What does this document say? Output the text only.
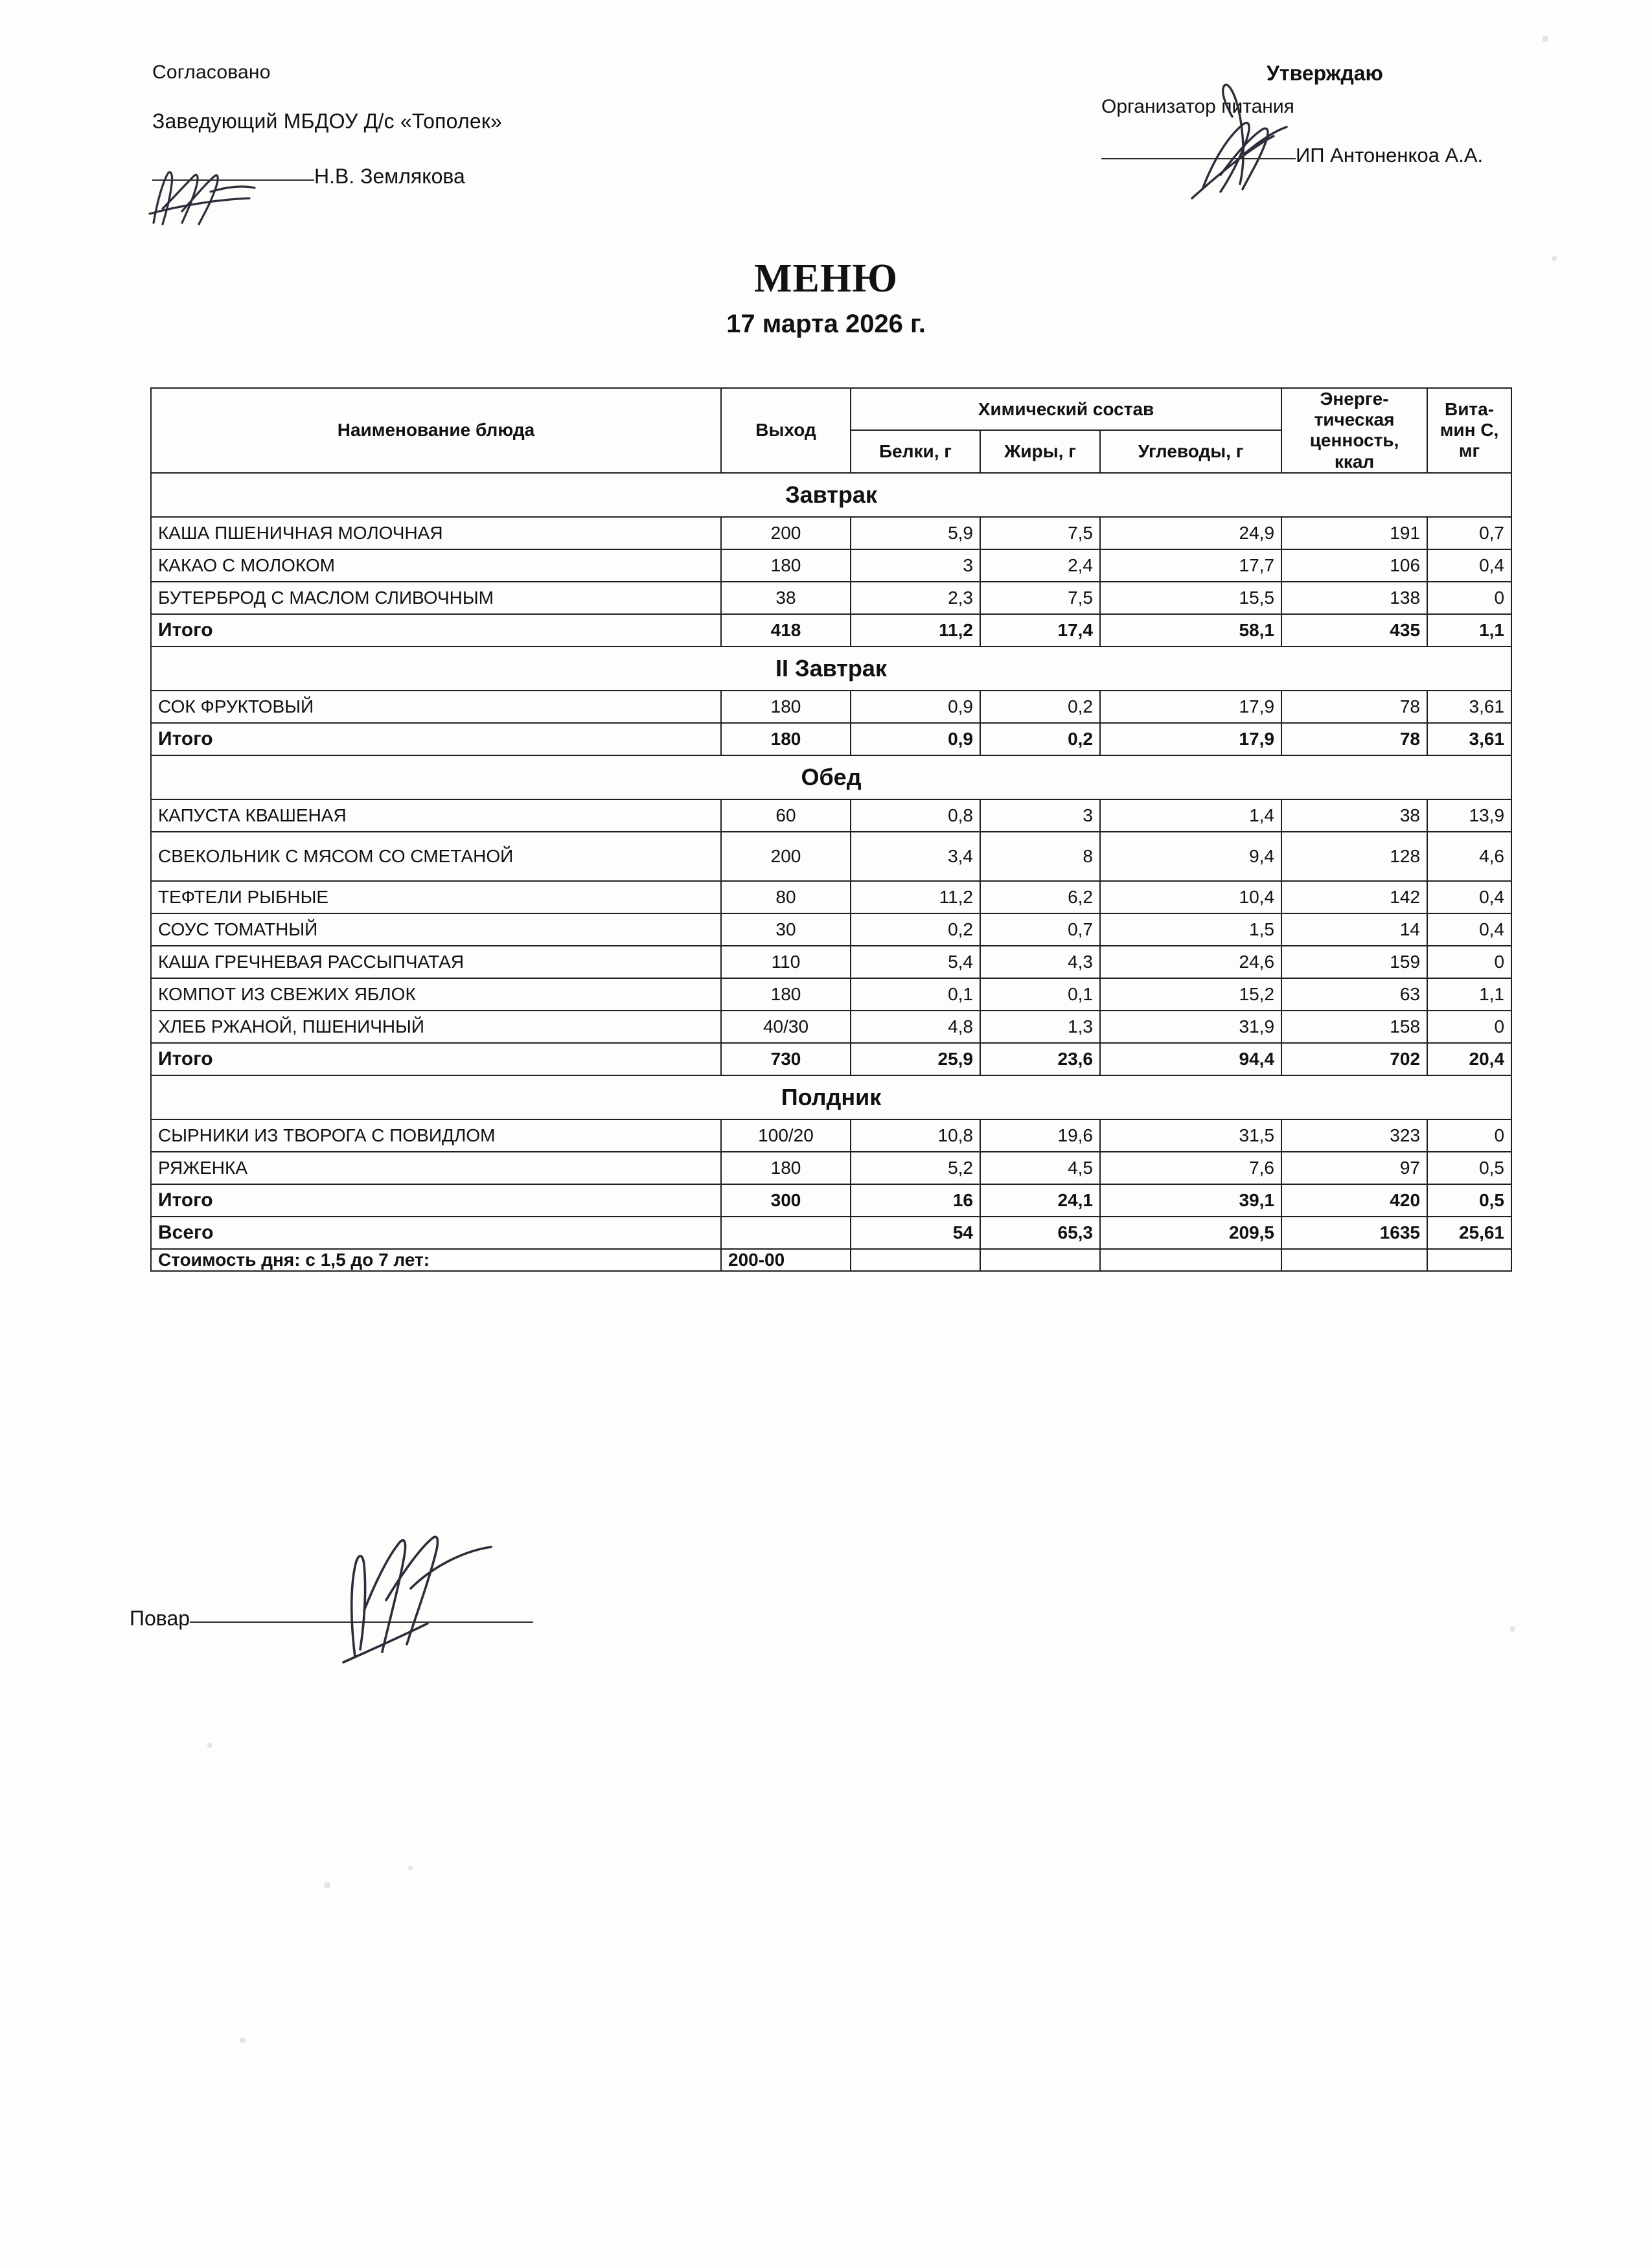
Согласовано
Заведующий МБДОУ Д/с «Тополек»
Н.В. Землякова
Утверждаю
Организатор питания
ИП Антоненкоа А.А.
МЕНЮ
17 марта 2026 г.
Наименование блюда	Выход	Химический состав			Энерге-тическая ценность, ккал	Вита-мин С, мг
		Белки, г	Жиры, г	Углеводы, г		
Завтрак						
КАША ПШЕНИЧНАЯ МОЛОЧНАЯ	200	5,9	7,5	24,9	191	0,7
КАКАО С МОЛОКОМ	180	3	2,4	17,7	106	0,4
БУТЕРБРОД С МАСЛОМ СЛИВОЧНЫМ	38	2,3	7,5	15,5	138	0
Итого	418	11,2	17,4	58,1	435	1,1
II Завтрак						
СОК ФРУКТОВЫЙ	180	0,9	0,2	17,9	78	3,61
Итого	180	0,9	0,2	17,9	78	3,61
Обед						
КАПУСТА КВАШЕНАЯ	60	0,8	3	1,4	38	13,9
СВЕКОЛЬНИК С МЯСОМ СО СМЕТАНОЙ	200	3,4	8	9,4	128	4,6
ТЕФТЕЛИ РЫБНЫЕ	80	11,2	6,2	10,4	142	0,4
СОУС ТОМАТНЫЙ	30	0,2	0,7	1,5	14	0,4
КАША ГРЕЧНЕВАЯ РАССЫПЧАТАЯ	110	5,4	4,3	24,6	159	0
КОМПОТ ИЗ СВЕЖИХ ЯБЛОК	180	0,1	0,1	15,2	63	1,1
ХЛЕБ РЖАНОЙ, ПШЕНИЧНЫЙ	40/30	4,8	1,3	31,9	158	0
Итого	730	25,9	23,6	94,4	702	20,4
Полдник						
СЫРНИКИ ИЗ ТВОРОГА С ПОВИДЛОМ	100/20	10,8	19,6	31,5	323	0
РЯЖЕНКА	180	5,2	4,5	7,6	97	0,5
Итого	300	16	24,1	39,1	420	0,5
Всего		54	65,3	209,5	1635	25,61
Стоимость дня: с 1,5 до 7 лет:	200-00					
Повар
